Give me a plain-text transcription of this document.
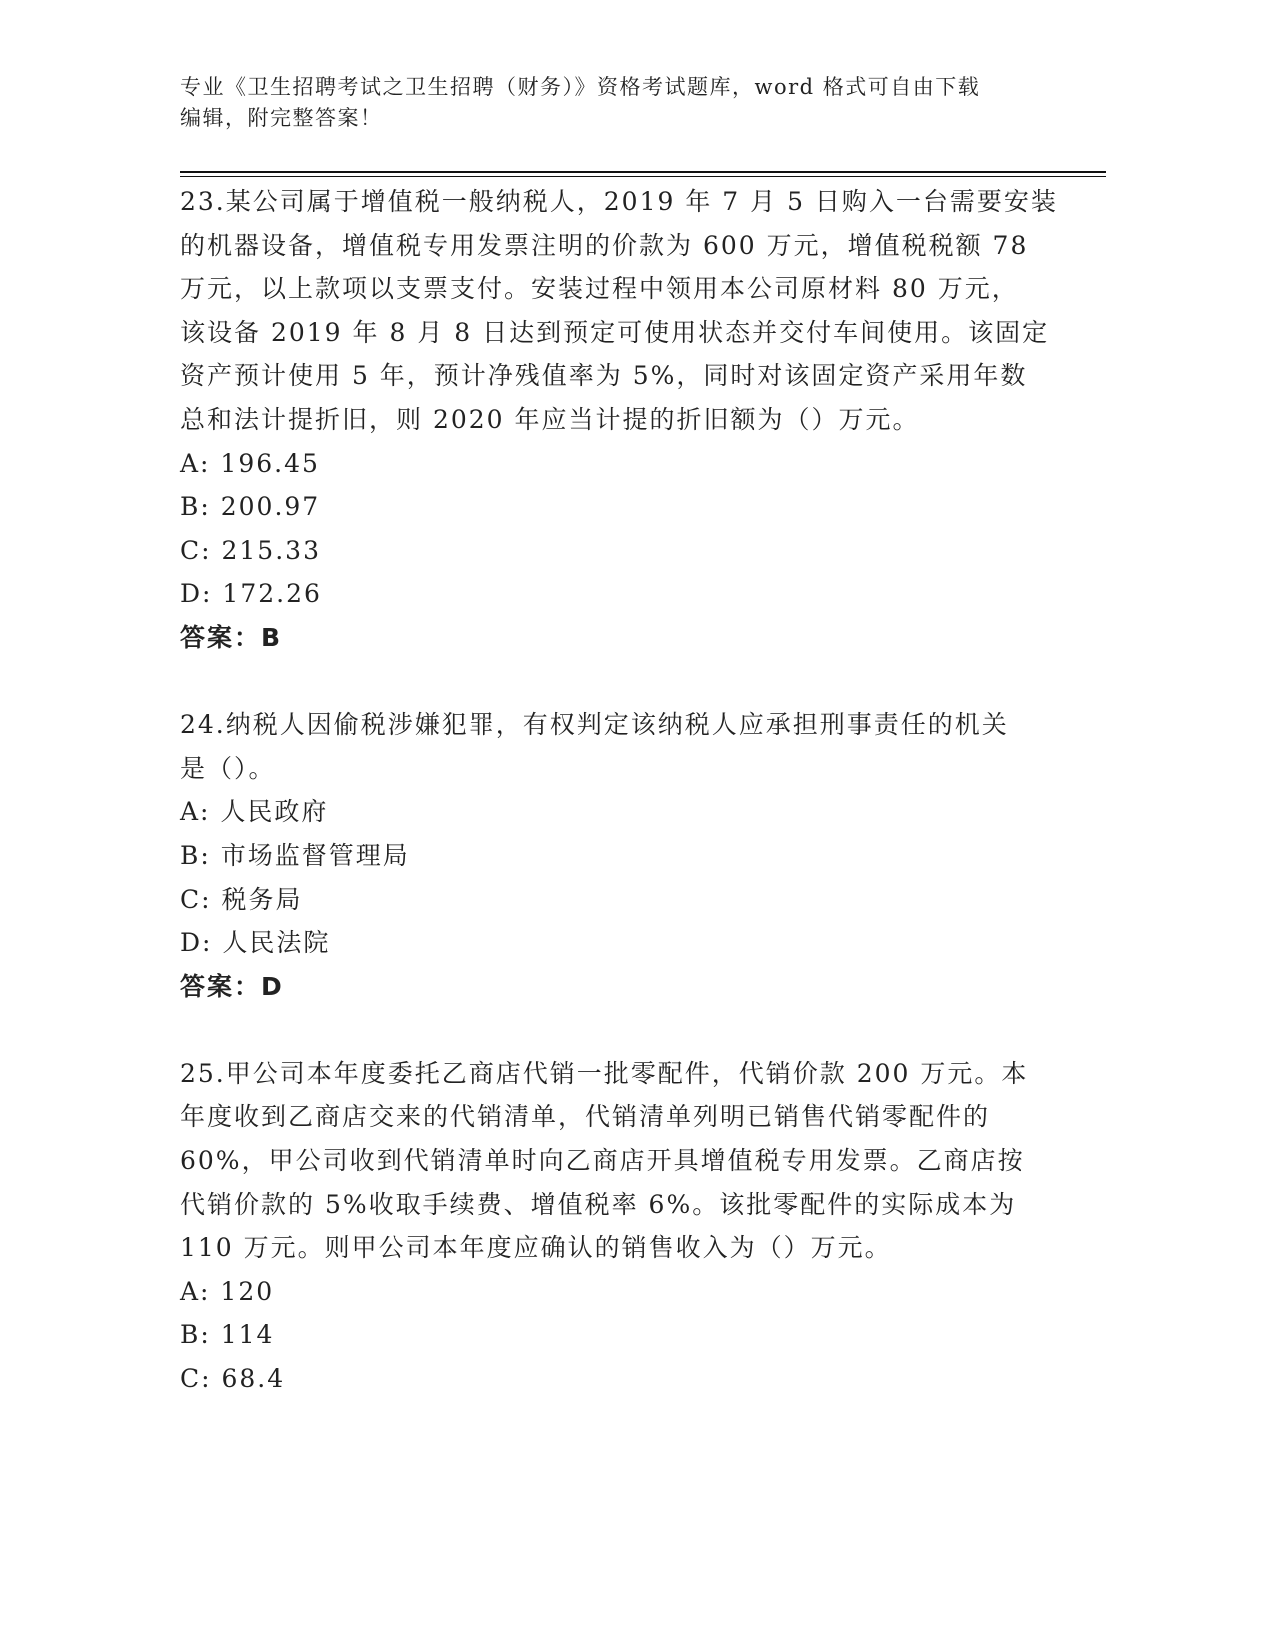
专业《卫生招聘考试之卫生招聘（财务）》资格考试题库，word 格式可自由下载
编辑，附完整答案！
23.某公司属于增值税一般纳税人，2019 年 7 月 5 日购入一台需要安装
的机器设备，增值税专用发票注明的价款为 600 万元，增值税税额 78
万元，以上款项以支票支付。安装过程中领用本公司原材料 80 万元，
该设备 2019 年 8 月 8 日达到预定可使用状态并交付车间使用。该固定
资产预计使用 5 年，预计净残值率为 5%，同时对该固定资产采用年数
总和法计提折旧，则 2020 年应当计提的折旧额为（）万元。
A: 196.45
B: 200.97
C: 215.33
D: 172.26
答案：B
24.纳税人因偷税涉嫌犯罪，有权判定该纳税人应承担刑事责任的机关
是（）。
A: 人民政府
B: 市场监督管理局
C: 税务局
D: 人民法院
答案：D
25.甲公司本年度委托乙商店代销一批零配件，代销价款 200 万元。本
年度收到乙商店交来的代销清单，代销清单列明已销售代销零配件的
60%，甲公司收到代销清单时向乙商店开具增值税专用发票。乙商店按
代销价款的 5%收取手续费、增值税率 6%。该批零配件的实际成本为
110 万元。则甲公司本年度应确认的销售收入为（）万元。
A: 120
B: 114
C: 68.4
